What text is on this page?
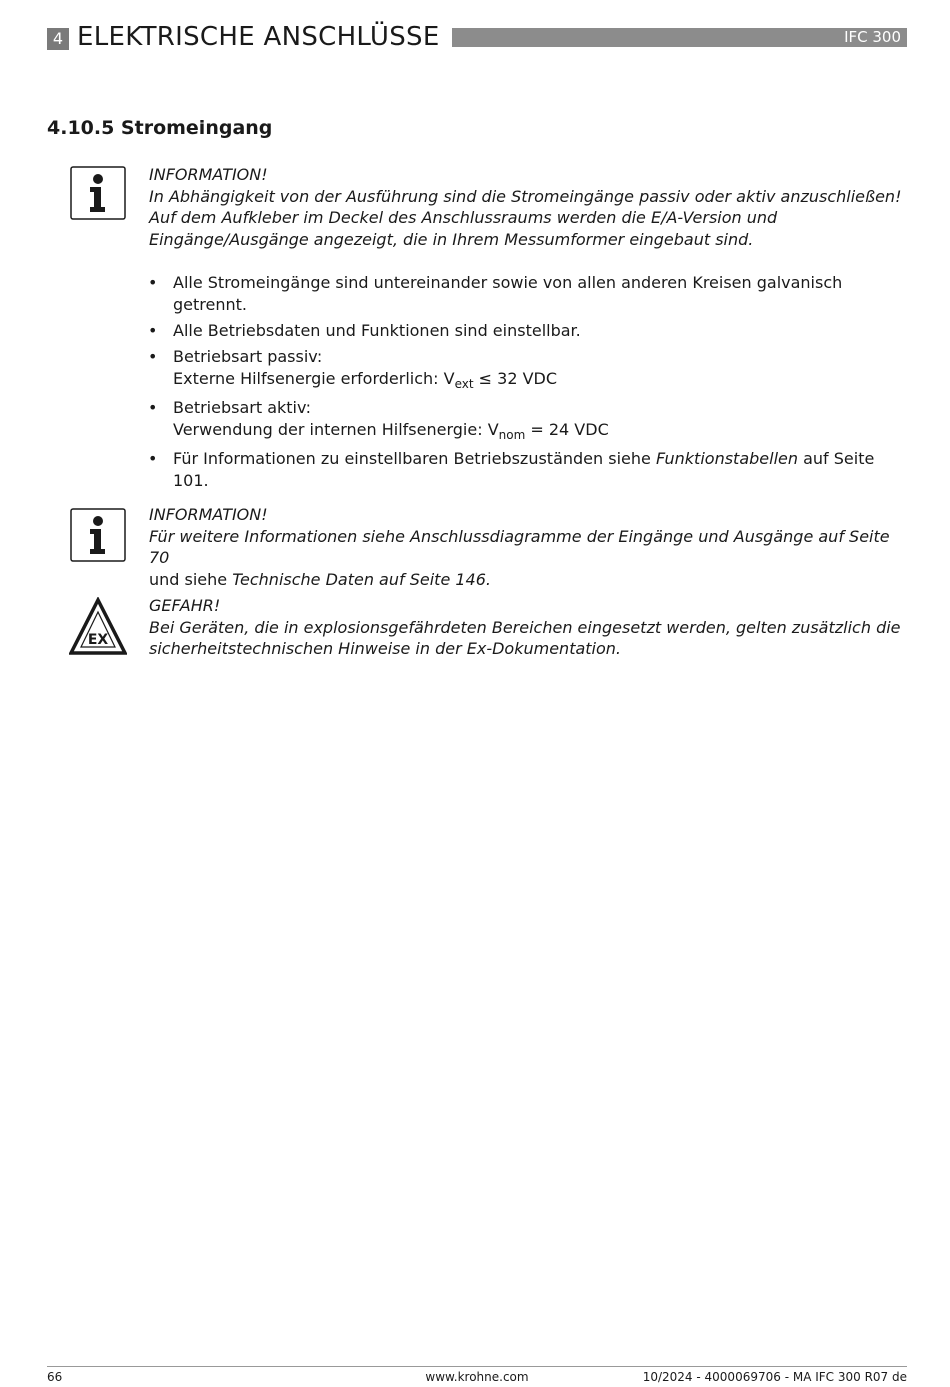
4 ELEKTRISCHE ANSCHLÜSSE	IFC 300
4.10.5 Stromeingang
INFORMATION!
In Abhängigkeit von der Ausführung sind die Stromeingänge passiv oder aktiv anzuschließen!
Auf dem Aufkleber im Deckel des Anschlussraums werden die E/A-Version und
Eingänge/Ausgänge angezeigt, die in Ihrem Messumformer eingebaut sind.
• Alle Stromeingänge sind untereinander sowie von allen anderen Kreisen galvanisch
getrennt.
• Alle Betriebsdaten und Funktionen sind einstellbar.
• Betriebsart passiv:
Externe Hilfsenergie erforderlich: $V_{ext} \le 32$ VDC
• Betriebsart aktiv:
Verwendung der internen Hilfsenergie: $V_{nom} = 24$ VDC
• Für Informationen zu einstellbaren Betriebszuständen siehe Funktionstabellen auf Seite 101.
INFORMATION!
Für weitere Informationen siehe Anschlussdiagramme der Eingänge und Ausgänge auf Seite 70
und siehe Technische Daten auf Seite 146.
EX
GEFAHR!
Bei Geräten, die in explosionsgefährdeten Bereichen eingesetzt werden, gelten zusätzlich die
sicherheitstechnischen Hinweise in der Ex-Dokumentation.
66	www.krohne.com	10/2024 - 4000069706 - MA IFC 300 R07 de
